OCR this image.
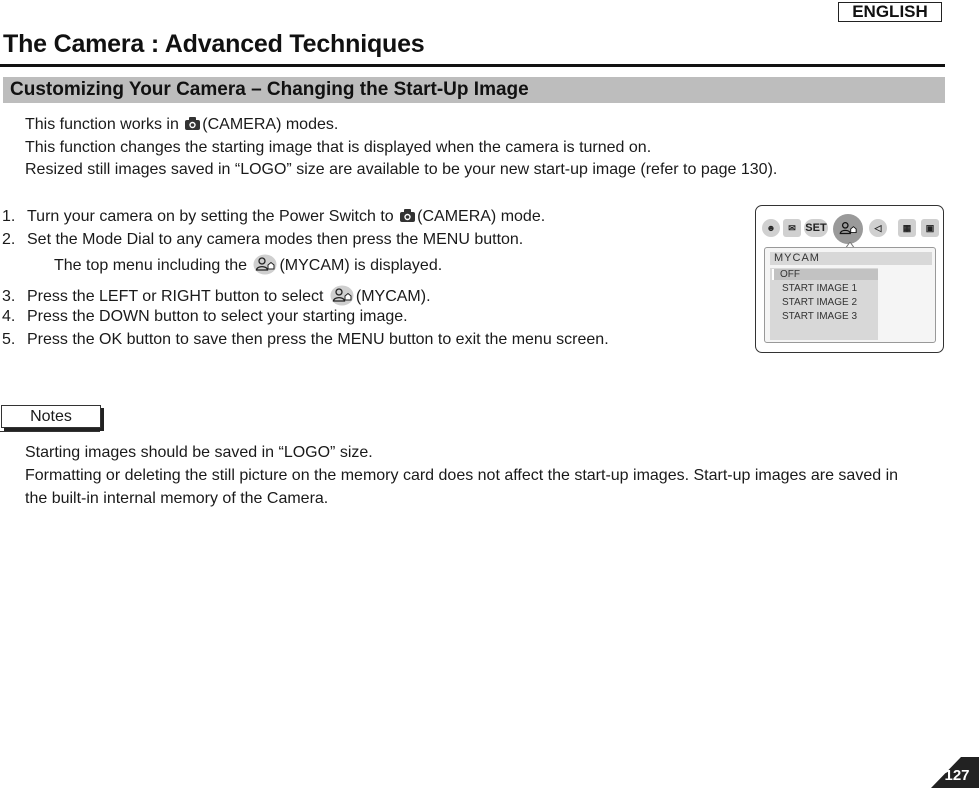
ENGLISH
The Camera : Advanced Techniques
Customizing Your Camera – Changing the Start-Up Image
This function works in (CAMERA) modes.
This function changes the starting image that is displayed when the camera is turned on.
Resized still images saved in “LOGO” size are available to be your new start-up image (refer to page 130).
1. Turn your camera on by setting the Power Switch to (CAMERA) mode.
2. Set the Mode Dial to any camera modes then press the MENU button.
The top menu including the (MYCAM) is displayed.
3. Press the LEFT or RIGHT button to select (MYCAM).
4. Press the DOWN button to select your starting image.
5. Press the OK button to save then press the MENU button to exit the menu screen.
☻	✉ SET	◁	▦	▣
MYCAM
OFF
START IMAGE 1
START IMAGE 2
START IMAGE 3
Notes
Starting images should be saved in “LOGO” size.
Formatting or deleting the still picture on the memory card does not affect the start-up images. Start-up images are saved in
the built-in internal memory of the Camera.
127
